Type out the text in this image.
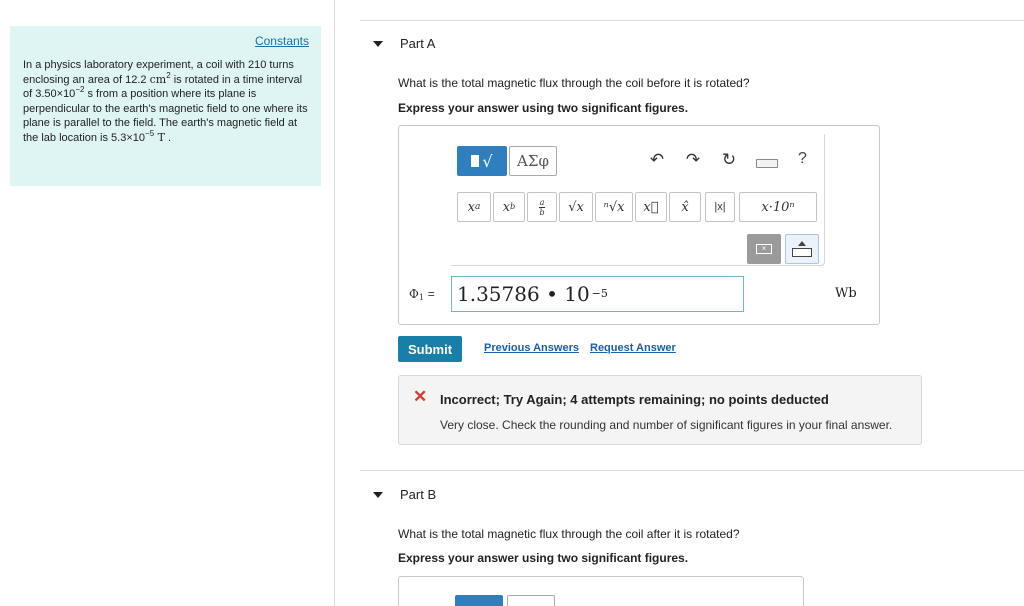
Constants
In a physics laboratory experiment, a coil with 210 turns enclosing an area of 12.2 $cm^2$ is rotated in a time interval of $3.50\times 10^{-2}$ s from a position where its plane is perpendicular to the earth's magnetic field to one where its plane is parallel to the field. The earth's magnetic field at the lab location is $5.3\times 10^{-5}$ T .
Part A
What is the total magnetic flux through the coil before it is rotated?
Express your answer using two significant figures.
√	ΑΣφ	↶ ↷ ↻	?
x a x b	a
b	√x	ⁿ√x	x⃗	x̂	|x|	x·10ⁿ
×
$\Phi_1 = 1.35786$ • 10 −5	Wb
Submit	Previous Answers Request Answer
✕ Incorrect; Try Again; 4 attempts remaining; no points deducted
Very close. Check the rounding and number of significant figures in your final answer.
Part B
What is the total magnetic flux through the coil after it is rotated?
Express your answer using two significant figures.
